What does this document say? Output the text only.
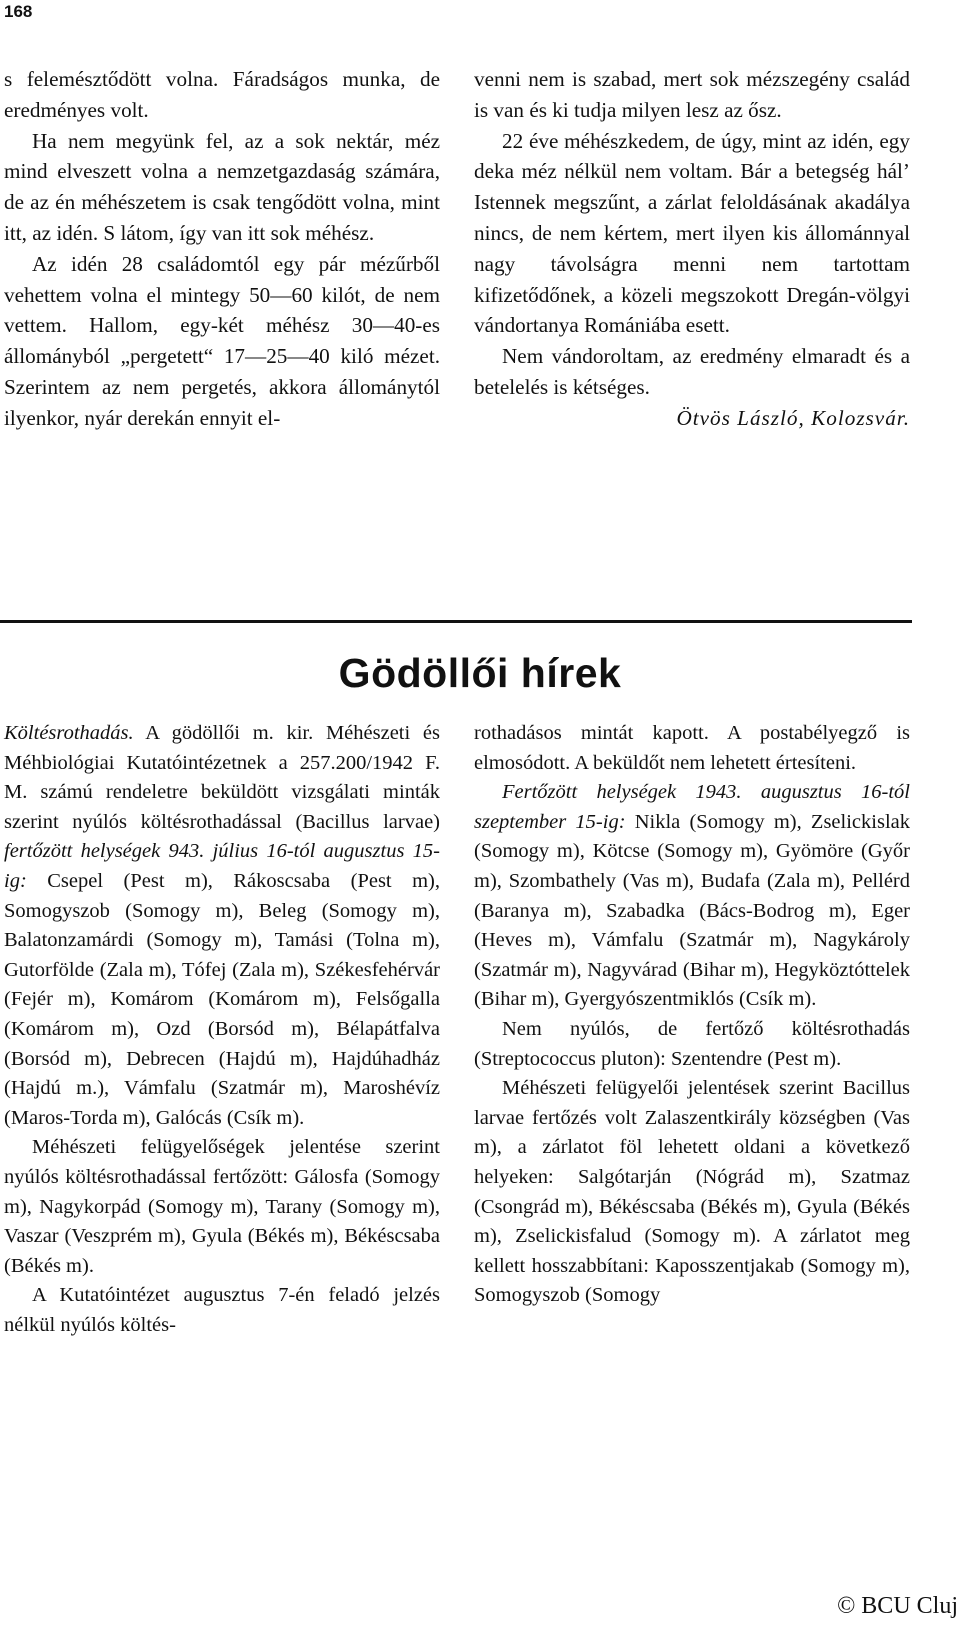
168

s felemésztődött volna. Fáradságos munka, de eredményes volt.

Ha nem megyünk fel, az a sok nektár, méz mind elveszett volna a nemzetgazdaság számára, de az én méhészetem is csak tengődött volna, mint itt, az idén. S látom, így van itt sok méhész.

Az idén 28 családomtól egy pár mézűrből vehettem volna el mintegy 50—60 kilót, de nem vettem. Hallom, egy-két méhész 30—40-es állományból „pergetett“ 17—25—40 kiló mézet. Szerintem az nem pergetés, akkora állománytól ilyenkor, nyár derekán ennyit el-

venni nem is szabad, mert sok mézszegény család is van és ki tudja milyen lesz az ősz.

22 éve méhészkedem, de úgy, mint az idén, egy deka méz nélkül nem voltam. Bár a betegség hál’ Istennek megszűnt, a zárlat feloldásának akadálya nincs, de nem kértem, mert ilyen kis állománnyal nagy távolságra menni nem tartottam kifizetődőnek, a közeli megszokott Dregán-völgyi vándortanya Romániába esett.

Nem vándoroltam, az eredmény elmaradt és a betelelés is kétséges.

Ötvös László, Kolozsvár.

Gödöllői hírek

Költésrothadás. A gödöllői m. kir. Méhészeti és Méhbiológiai Kutatóintézetnek a 257.200/1942 F. M. számú rendeletre beküldött vizsgálati minták szerint nyúlós költésrothadással (Bacillus larvae) fertőzött helységek 943. július 16-tól augusztus 15-ig: Csepel (Pest m), Rákoscsaba (Pest m), Somogyszob (Somogy m), Beleg (Somogy m), Balatonzamárdi (Somogy m), Tamási (Tolna m), Gutorfölde (Zala m), Tófej (Zala m), Székesfehérvár (Fejér m), Komárom (Komárom m), Felsőgalla (Komárom m), Ozd (Borsód m), Bélapátfalva (Borsód m), Debrecen (Hajdú m), Hajdúhadház (Hajdú m.), Vámfalu (Szatmár m), Maroshévíz (Maros-Torda m), Galócás (Csík m).

Méhészeti felügyelőségek jelentése szerint nyúlós költésrothadással fertőzött: Gálosfa (Somogy m), Nagykorpád (Somogy m), Tarany (Somogy m), Vaszar (Veszprém m), Gyula (Békés m), Békéscsaba (Békés m).

A Kutatóintézet augusztus 7-én feladó jelzés nélkül nyúlós költés-

rothadásos mintát kapott. A postabélyegző is elmosódott. A beküldőt nem lehetett értesíteni.

Fertőzött helységek 1943. augusztus 16-tól szeptember 15-ig: Nikla (Somogy m), Zselickislak (Somogy m), Kötcse (Somogy m), Gyömöre (Győr m), Szombathely (Vas m), Budafa (Zala m), Pellérd (Baranya m), Szabadka (Bács-Bodrog m), Eger (Heves m), Vámfalu (Szatmár m), Nagykároly (Szatmár m), Nagyvárad (Bihar m), Hegyköztóttelek (Bihar m), Gyergyószentmiklós (Csík m).

Nem nyúlós, de fertőző költésrothadás (Streptococcus pluton): Szentendre (Pest m).

Méhészeti felügyelői jelentések szerint Bacillus larvae fertőzés volt Zalaszentkirály községben (Vas m), a zárlatot föl lehetett oldani a következő helyeken: Salgótarján (Nógrád m), Szatmaz (Csongrád m), Békéscsaba (Békés m), Gyula (Békés m), Zselickisfalud (Somogy m). A zárlatot meg kellett hosszabbítani: Kaposszentjakab (Somogy m), Somogyszob (Somogy

© BCU Cluj
